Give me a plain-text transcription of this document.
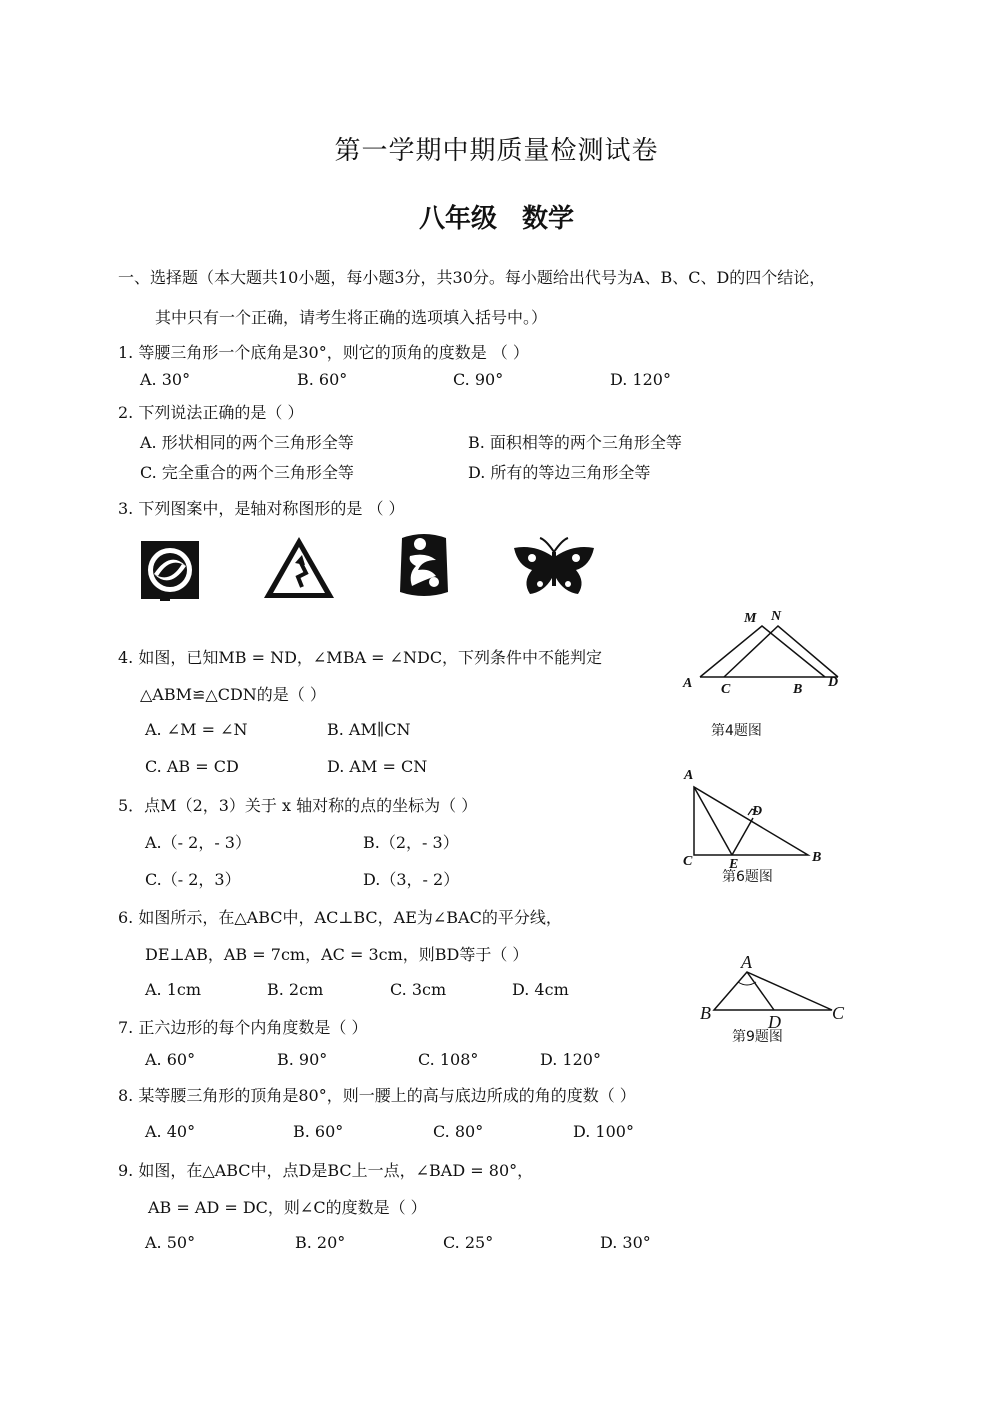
第一学期中期质量检测试卷
八年级 数学
一、选择题（本大题共10小题，每小题3分，共30分。每小题给出代号为A、B、C、D的四个结论，
其中只有一个正确，请考生将正确的选项填入括号中。）
1. 等腰三角形一个底角是30°，则它的顶角的度数是 （ ）
A. 30°	B. 60°	C. 90°	D. 120°
2. 下列说法正确的是（ ）
A. 形状相同的两个三角形全等	B. 面积相等的两个三角形全等
C. 完全重合的两个三角形全等	D. 所有的等边三角形全等
3. 下列图案中，是轴对称图形的是 （ ）
4. 如图，已知MB = ND，∠MBA = ∠NDC，下列条件中不能判定
△ABM≌△CDN的是（ ）
A. ∠M = ∠N	B. AM∥CN
C. AB = CD	D. AM = CN
M N
A C	B D
第4题图
5．点M（2，3）关于 x 轴对称的点的坐标为（ ）
A.（- 2，- 3）	B.（2，- 3）
C.（- 2，3）	D.（3，- 2）
A
D
C	E	B
第6题图
6. 如图所示，在△ABC中，AC⊥BC，AE为∠BAC的平分线，
DE⊥AB，AB = 7cm，AC = 3cm，则BD等于（ ）
A. 1cm	B. 2cm	C. 3cm	D. 4cm
A
B	D	C
第9题图
7. 正六边形的每个内角度数是（ ）
A. 60°	B. 90°	C. 108°	D. 120°
8. 某等腰三角形的顶角是80°，则一腰上的高与底边所成的角的度数（ ）
A. 40°	B. 60°	C. 80°	D. 100°
9. 如图，在△ABC中，点D是BC上一点，∠BAD = 80°，
AB = AD = DC，则∠C的度数是（ ）
A. 50°	B. 20°	C. 25°	D. 30°
